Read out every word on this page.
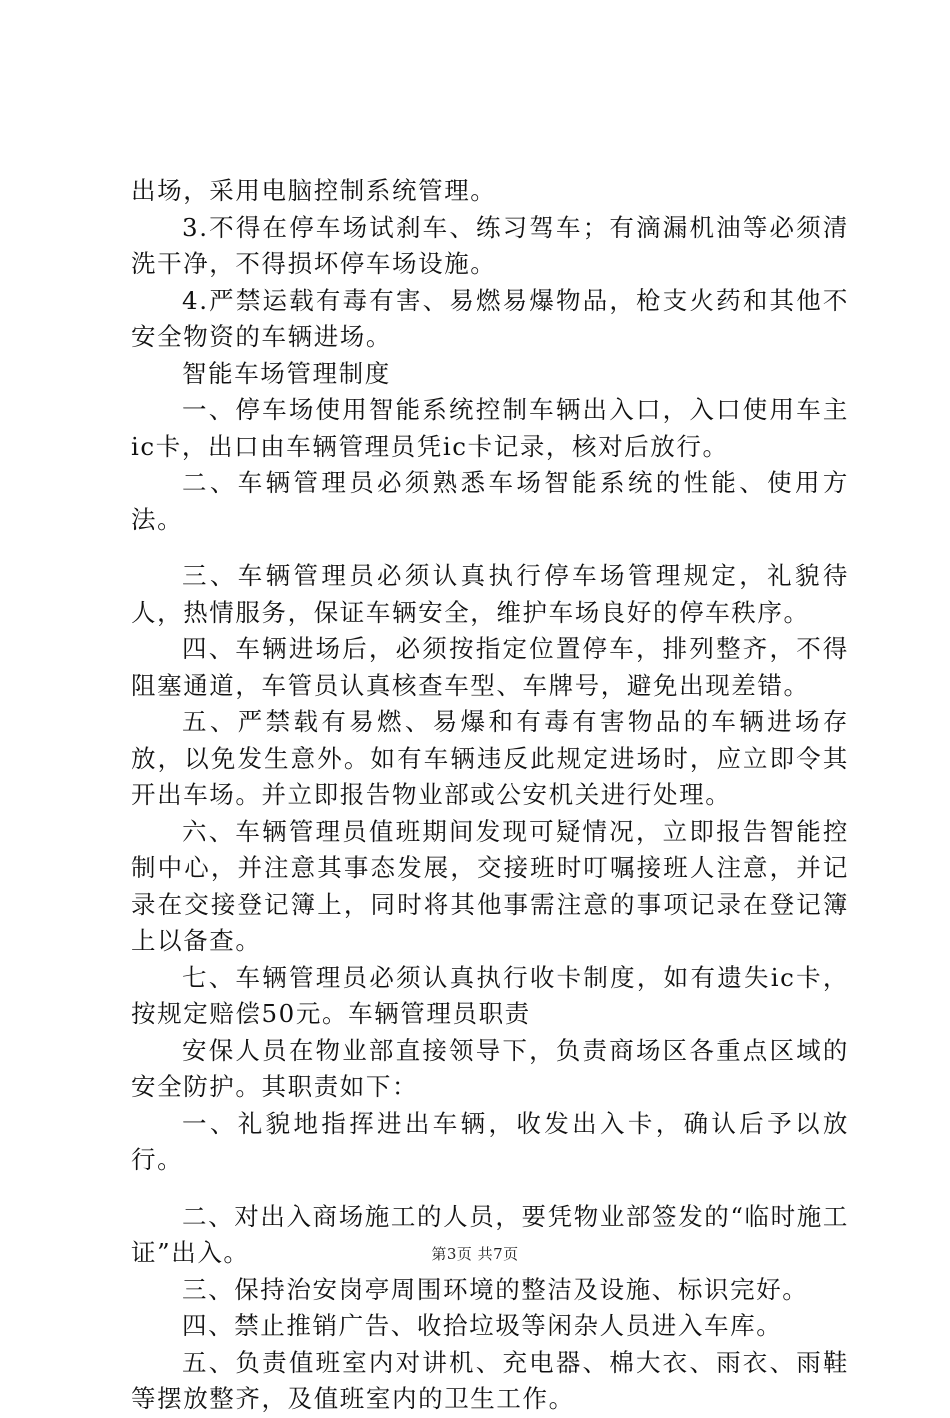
出场，采用电脑控制系统管理。

3.不得在停车场试刹车、练习驾车；有滴漏机油等必须清洗干净，不得损坏停车场设施。

4.严禁运载有毒有害、易燃易爆物品，枪支火药和其他不安全物资的车辆进场。

智能车场管理制度

一、停车场使用智能系统控制车辆出入口，入口使用车主ic卡，出口由车辆管理员凭ic卡记录，核对后放行。

二、车辆管理员必须熟悉车场智能系统的性能、使用方法。

三、车辆管理员必须认真执行停车场管理规定，礼貌待人，热情服务，保证车辆安全，维护车场良好的停车秩序。

四、车辆进场后，必须按指定位置停车，排列整齐，不得阻塞通道，车管员认真核查车型、车牌号，避免出现差错。

五、严禁载有易燃、易爆和有毒有害物品的车辆进场存放，以免发生意外。如有车辆违反此规定进场时，应立即令其开出车场。并立即报告物业部或公安机关进行处理。

六、车辆管理员值班期间发现可疑情况，立即报告智能控制中心，并注意其事态发展，交接班时叮嘱接班人注意，并记录在交接登记簿上，同时将其他事需注意的事项记录在登记簿上以备查。

七、车辆管理员必须认真执行收卡制度，如有遗失ic卡，按规定赔偿50元。车辆管理员职责

安保人员在物业部直接领导下，负责商场区各重点区域的安全防护。其职责如下：

一、礼貌地指挥进出车辆，收发出入卡，确认后予以放行。

二、对出入商场施工的人员，要凭物业部签发的“临时施工证”出入。

三、保持治安岗亭周围环境的整洁及设施、标识完好。

四、禁止推销广告、收拾垃圾等闲杂人员进入车库。

五、负责值班室内对讲机、充电器、棉大衣、雨衣、雨鞋等摆放整齐，及值班室内的卫生工作。

第3页 共7页
